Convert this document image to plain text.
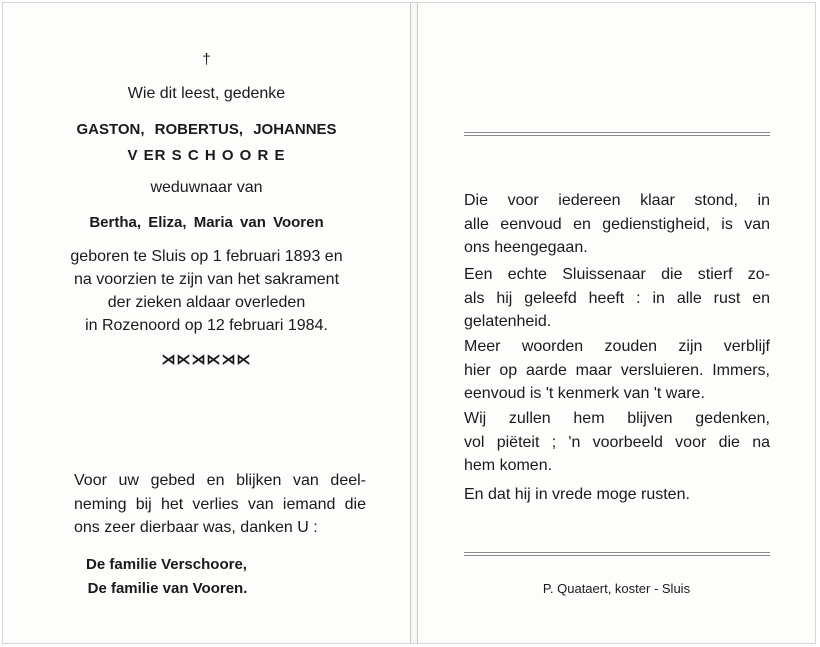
†
Wie dit leest, gedenke
GASTON, ROBERTUS, JOHANNES
V ER S C H O O R E
weduwnaar van
Bertha, Eliza, Maria van Vooren
geboren te Sluis op 1 februari 1893 en
na voorzien te zijn van het sakrament
der zieken aldaar overleden
in Rozenoord op 12 februari 1984.
⋊⋉⋊⋉⋊⋉
Voor uw gebed en blijken van deel-
neming bij het verlies van iemand die
ons zeer dierbaar was, danken U :
De familie Verschoore,
De familie van Vooren.
Die voor iedereen klaar stond, in
alle eenvoud en gedienstigheid, is van
ons heengegaan.
Een echte Sluissenaar die stierf zo-
als hij geleefd heeft : in alle rust en
gelatenheid.
Meer woorden zouden zijn verblijf
hier op aarde maar versluieren. Immers,
eenvoud is 't kenmerk van 't ware.
Wij zullen hem blijven gedenken,
vol piëteit ; 'n voorbeeld voor die na
hem komen.
En dat hij in vrede moge rusten.
P. Quataert, koster - Sluis
